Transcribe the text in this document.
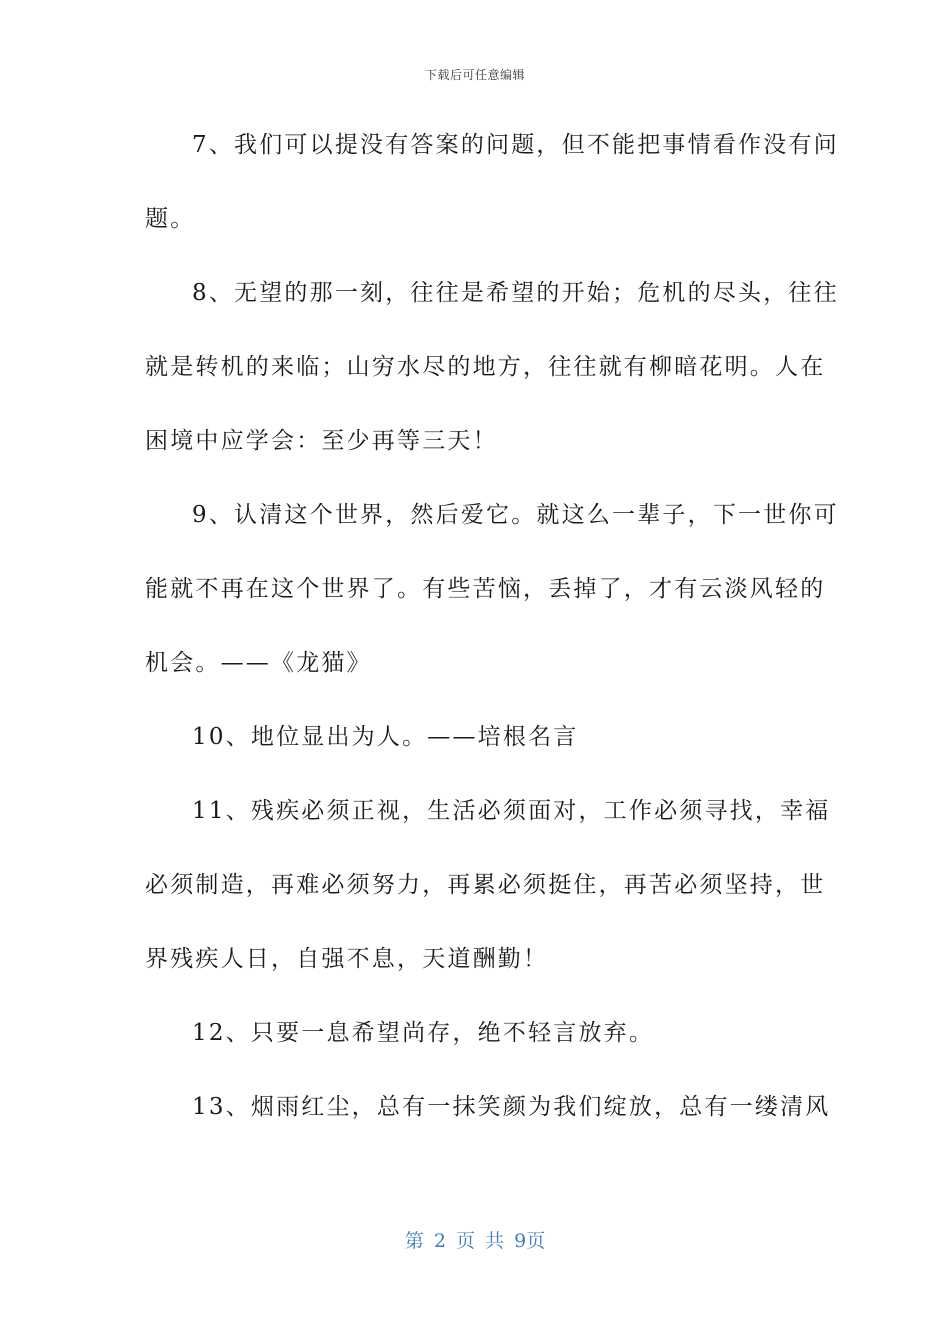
下载后可任意编辑
7、我们可以提没有答案的问题，但不能把事情看作没有问
题。
8、无望的那一刻，往往是希望的开始；危机的尽头，往往
就是转机的来临；山穷水尽的地方，往往就有柳暗花明。人在
困境中应学会：至少再等三天！
9、认清这个世界，然后爱它。就这么一辈子，下一世你可
能就不再在这个世界了。有些苦恼，丢掉了，才有云淡风轻的
机会。——《龙猫》
10、地位显出为人。——培根名言
11、残疾必须正视，生活必须面对，工作必须寻找，幸福
必须制造，再难必须努力，再累必须挺住，再苦必须坚持，世
界残疾人日，自强不息，天道酬勤！
12、只要一息希望尚存，绝不轻言放弃。
13、烟雨红尘，总有一抹笑颜为我们绽放，总有一缕清风
第 2 页 共 9页
